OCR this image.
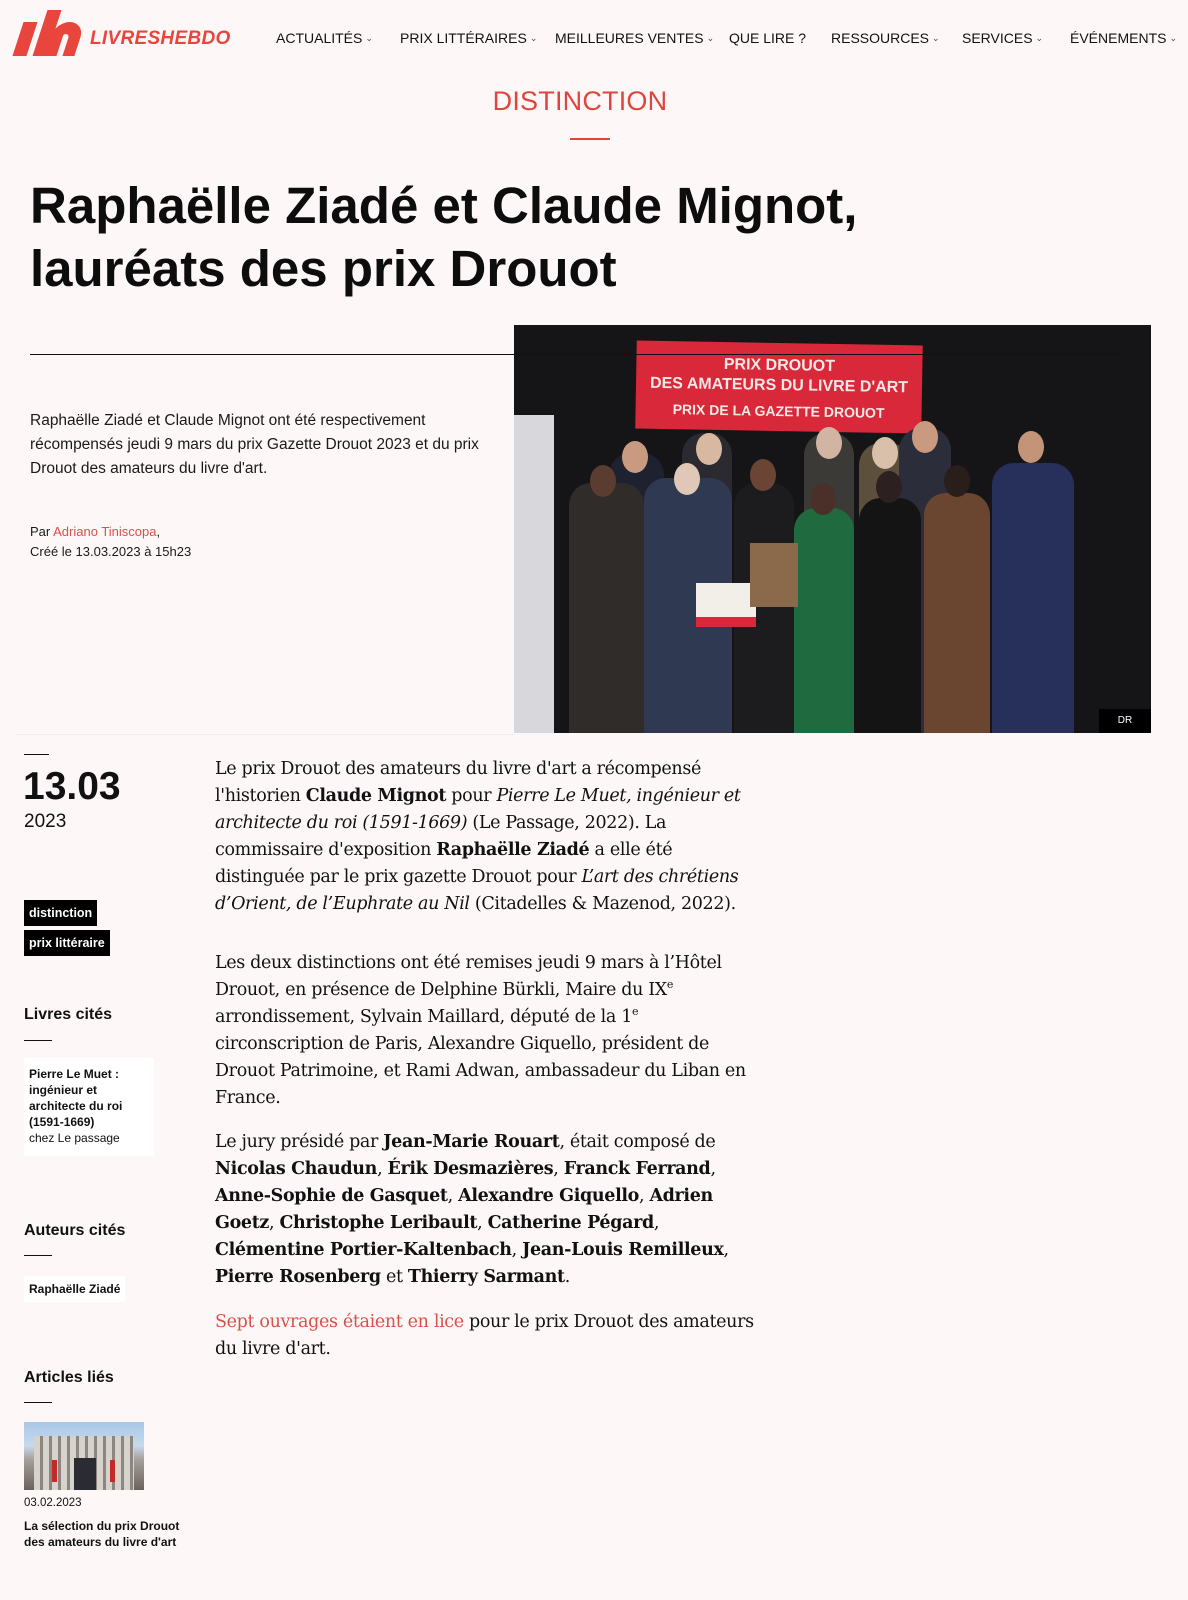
LIVRESHEBDO	ACTUALITÉS ⌄ PRIX LITTÉRAIRES ⌄ MEILLEURES VENTES ⌄ QUE LIRE ? RESSOURCES ⌄ SERVICES ⌄ ÉVÉNEMENTS ⌄
DISTINCTION
Raphaëlle Ziadé et Claude Mignot,
lauréats des prix Drouot
PRIX DROUOT
DES AMATEURS DU LIVRE D'ART
PRIX DE LA GAZETTE DROUOT
DR

Raphaëlle Ziadé et Claude Mignot ont été respectivement récompensés jeudi 9 mars du prix Gazette Drouot 2023 et du prix Drouot des amateurs du livre d'art.

Par Adriano Tiniscopa,
Créé le 13.03.2023 à 15h23
13.03
2023
distinction
prix littéraire
Livres cités
Pierre Le Muet : ingénieur et architecte du roi (1591-1669)
chez Le passage
Auteurs cités
Raphaëlle Ziadé
Articles liés
03.02.2023
La sélection du prix Drouot des amateurs du livre d'art

Le prix Drouot des amateurs du livre d'art a récompensé l'historien Claude Mignot pour Pierre Le Muet, ingénieur et architecte du roi (1591-1669) (Le Passage, 2022). La commissaire d'exposition Raphaëlle Ziadé a elle été distinguée par le prix gazette Drouot pour L’art des chrétiens d’Orient, de l’Euphrate au Nil (Citadelles & Mazenod, 2022).

Les deux distinctions ont été remises jeudi 9 mars à l’Hôtel Drouot, en présence de Delphine Bürkli, Maire du IXe arrondissement, Sylvain Maillard, député de la 1e circonscription de Paris, Alexandre Giquello, président de Drouot Patrimoine, et Rami Adwan, ambassadeur du Liban en France.

Le jury présidé par Jean-Marie Rouart, était composé de Nicolas Chaudun, Érik Desmazières, Franck Ferrand, Anne-Sophie de Gasquet, Alexandre Giquello, Adrien Goetz, Christophe Leribault, Catherine Pégard, Clémentine Portier-Kaltenbach, Jean-Louis Remilleux, Pierre Rosenberg et Thierry Sarmant.

Sept ouvrages étaient en lice pour le prix Drouot des amateurs du livre d'art.
